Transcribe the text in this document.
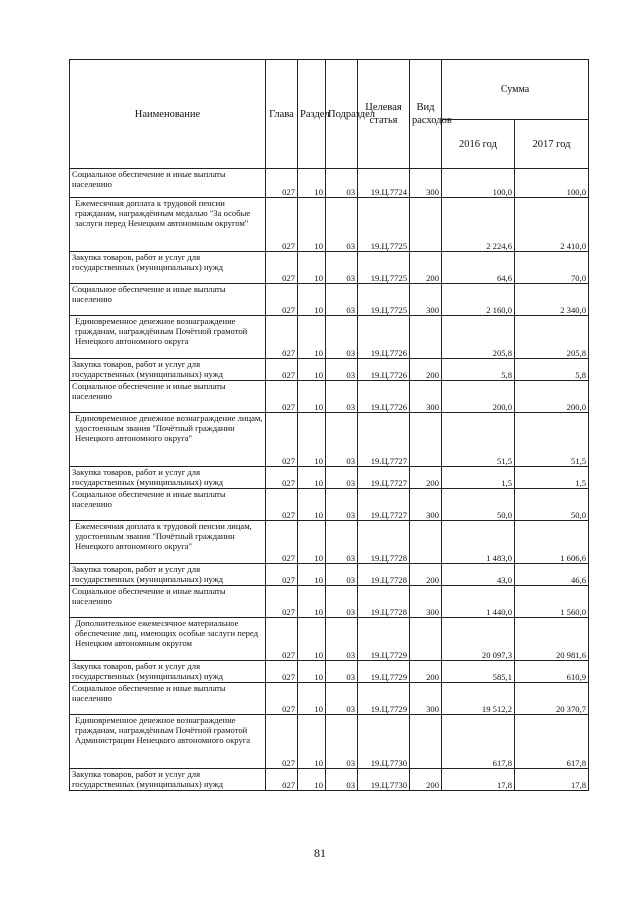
Наименование	Глава	Раздел	Подраздел	Целевая статья	Вид расходов	Сумма	
						2016 год	2017 год
Социальное обеспечение и иные выплаты населению	027	10	03	19.Ц.7724	300	100,0	100,0
Ежемесячная доплата к трудовой пенсии гражданам, награждённым медалью "За особые заслуги перед Ненецким автономным округом"	027	10	03	19.Ц.7725		2 224,6	2 410,0
Закупка товаров, работ и услуг для государственных (муниципальных) нужд	027	10	03	19.Ц.7725	200	64,6	70,0
Социальное обеспечение и иные выплаты населению	027	10	03	19.Ц.7725	300	2 160,0	2 340,0
Единовременное денежное вознаграждение гражданам, награждённым Почётной грамотой Ненецкого автономного округа	027	10	03	19.Ц.7726		205,8	205,8
Закупка товаров, работ и услуг для государственных (муниципальных) нужд	027	10	03	19.Ц.7726	200	5,8	5,8
Социальное обеспечение и иные выплаты населению	027	10	03	19.Ц.7726	300	200,0	200,0
Единовременное денежное вознаграждение лицам, удостоенным звания "Почётный гражданин Ненецкого автономного округа"	027	10	03	19.Ц.7727		51,5	51,5
Закупка товаров, работ и услуг для государственных (муниципальных) нужд	027	10	03	19.Ц.7727	200	1,5	1,5
Социальное обеспечение и иные выплаты населению	027	10	03	19.Ц.7727	300	50,0	50,0
Ежемесячная доплата к трудовой пенсии лицам, удостоенным звания "Почётный гражданин Ненецкого автономного округа"	027	10	03	19.Ц.7728		1 483,0	1 606,6
Закупка товаров, работ и услуг для государственных (муниципальных) нужд	027	10	03	19.Ц.7728	200	43,0	46,6
Социальное обеспечение и иные выплаты населению	027	10	03	19.Ц.7728	300	1 440,0	1 560,0
Дополнительное ежемесячное материальное обеспечение лиц, имеющих особые заслуги перед Ненецким автономным округом	027	10	03	19.Ц.7729		20 097,3	20 981,6
Закупка товаров, работ и услуг для государственных (муниципальных) нужд	027	10	03	19.Ц.7729	200	585,1	610,9
Социальное обеспечение и иные выплаты населению	027	10	03	19.Ц.7729	300	19 512,2	20 370,7
Единовременное денежное вознаграждение гражданам, награждённым Почётной грамотой Администрации Ненецкого автономного округа	027	10	03	19.Ц.7730		617,8	617,8
Закупка товаров, работ и услуг для государственных (муниципальных) нужд	027	10	03	19.Ц.7730	200	17,8	17,8
81
